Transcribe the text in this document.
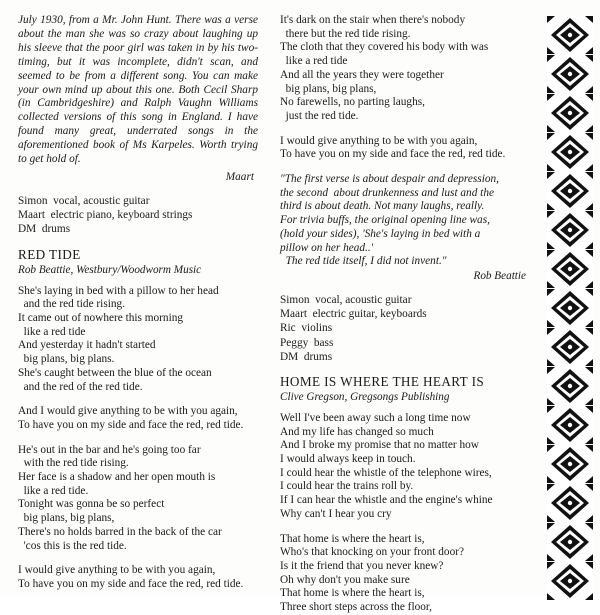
July 1930, from a Mr. John Hunt. There was a verse about the man she was so crazy about laughing up his sleeve that the poor girl was taken in by his two-timing, but it was incomplete, didn't scan, and seemed to be from a different song. You can make your own mind up about this one. Both Cecil Sharp (in Cambridgeshire) and Ralph Vaughn Williams collected versions of this song in England. I have found many great, underrated songs in the aforementioned book of Ms Karpeles. Worth trying to get hold of.

Maart

Simon  vocal, acoustic guitar

Maart  electric piano, keyboard strings

DM  drums

RED TIDE

Rob Beattie, Westbury/Woodworm Music

She's laying in bed with a pillow to her head

and the red tide rising.

It came out of nowhere this morning

like a red tide

And yesterday it hadn't started

big plans, big plans.

She's caught between the blue of the ocean

and the red of the red tide.

And I would give anything to be with you again,

To have you on my side and face the red, red tide.

He's out in the bar and he's going too far

with the red tide rising.

Her face is a shadow and her open mouth is

like a red tide.

Tonight was gonna be so perfect

big plans, big plans,

There's no holds barred in the back of the car

'cos this is the red tide.

I would give anything to be with you again,

To have you on my side and face the red, red tide.

It's dark on the stair when there's nobody

there but the red tide rising.

The cloth that they covered his body with was

like a red tide

And all the years they were together

big plans, big plans,

No farewells, no parting laughs,

just the red tide.

I would give anything to be with you again,

To have you on my side and face the red, red tide.

"The first verse is about despair and depression,

the second  about drunkenness and lust and the

third is about death. Not many laughs, really.

For trivia buffs, the original opening line was,

(hold your sides), 'She's laying in bed with a

pillow on her head..'

The red tide itself, I did not invent."

Rob Beattie

Simon  vocal, acoustic guitar

Maart  electric guitar, keyboards

Ric  violins

Peggy  bass

DM  drums

HOME IS WHERE THE HEART IS

Clive Gregson, Gregsongs Publishing

Well I've been away such a long time now

And my life has changed so much

And I broke my promise that no matter how

I would always keep in touch.

I could hear the whistle of the telephone wires,

I could hear the trains roll by.

If I can hear the whistle and the engine's whine

Why can't I hear you cry

That home is where the heart is,

Who's that knocking on your front door?

Is it the friend that you never knew?

Oh why don't you make sure

That home is where the heart is,

Three short steps across the floor,
